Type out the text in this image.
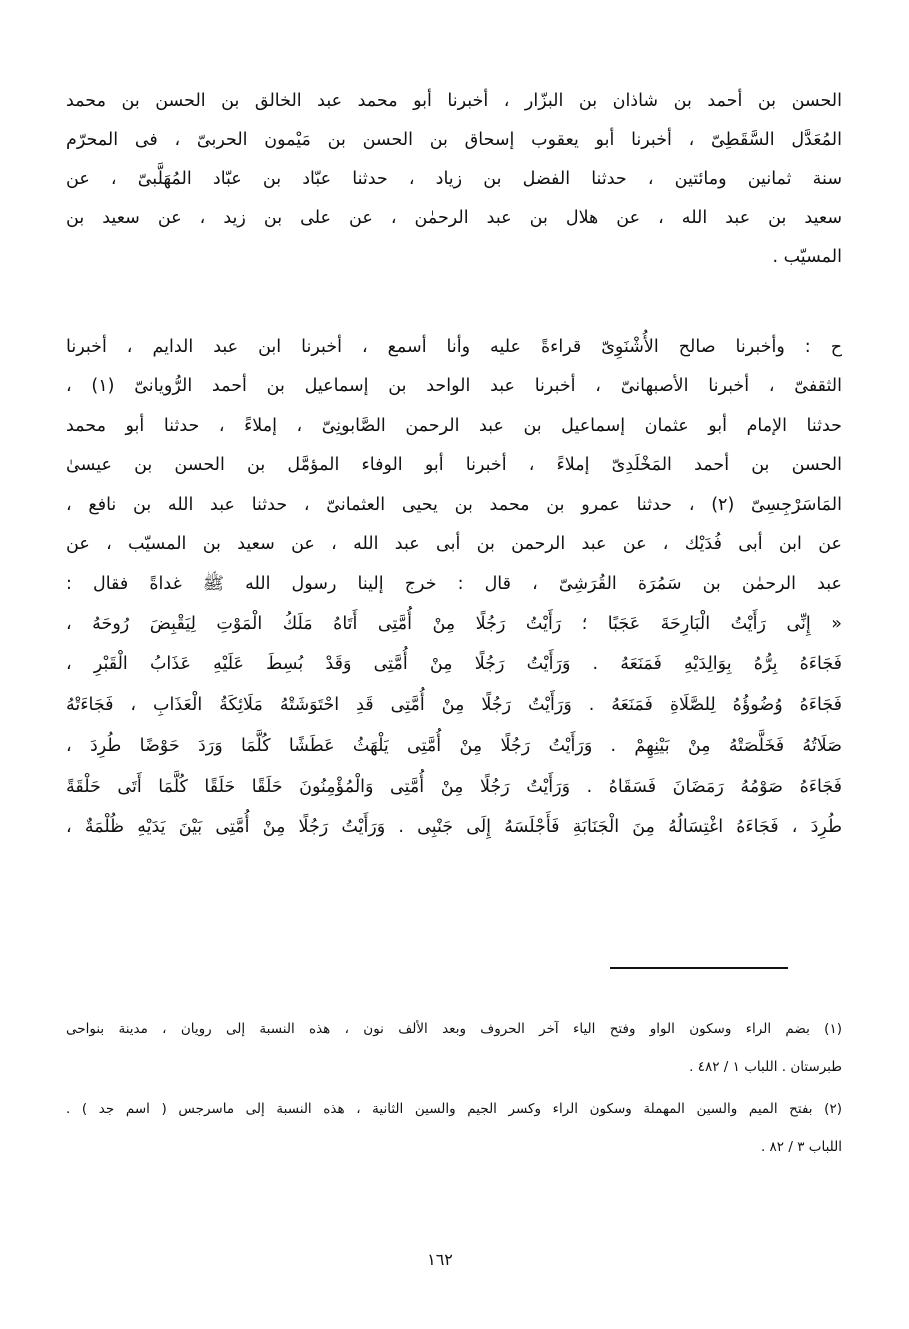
الحسن بن أحمد بن شاذان بن البزّار ، أخبرنا أبو محمد عبد الخالق بن الحسن بن محمد
المُعَدَّل السَّقَطِىّ ، أخبرنا أبو يعقوب إسحاق بن الحسن بن مَيْمون الحربىّ ، فى المحرّم
سنة ثمانين ومائتين ، حدثنا الفضل بن زياد ، حدثنا عبّاد بن عبّاد المُهَلَّبىّ ، عن
سعيد بن عبد الله ، عن هلال بن عبد الرحمٰن ، عن على بن زيد ، عن سعيد بن
المسيّب .
ح : وأخبرنا صالح الأُشْنَوِىّ قراءةً عليه وأنا أسمع ، أخبرنا ابن عبد الدايم ، أخبرنا
الثقفىّ ، أخبرنا الأصبهانىّ ، أخبرنا عبد الواحد بن إسماعيل بن أحمد الرُّويانىّ (١) ،
حدثنا الإمام أبو عثمان إسماعيل بن عبد الرحمن الصَّابونِىّ ، إملاءً ، حدثنا أبو محمد
الحسن بن أحمد المَخْلَدِىّ إملاءً ، أخبرنا أبو الوفاء المؤمَّل بن الحسن بن عيسىٰ
المَاسَرْجِسِىّ (٢) ، حدثنا عمرو بن محمد بن يحيى العثمانىّ ، حدثنا عبد الله بن نافع ،
عن ابن أبى فُدَيْك ، عن عبد الرحمن بن أبى عبد الله ، عن سعيد بن المسيّب ، عن
عبد الرحمٰن بن سَمُرَة القُرَشِىّ ، قال : خرج إلينا رسول الله ﷺ غداةً فقال :
« إِنِّى رَأَيْتُ الْبَارِحَةَ عَجَبًا ؛ رَأَيْتُ رَجُلًا مِنْ أُمَّتِى أَتَاهُ مَلَكُ الْمَوْتِ لِيَقْبِضَ رُوحَهُ ،
فَجَاءَهُ بِرُّهُ بِوَالِدَيْهِ فَمَنَعَهُ . وَرَأَيْتُ رَجُلًا مِنْ أُمَّتِى وَقَدْ بُسِطَ عَلَيْهِ عَذَابُ الْقَبْرِ ،
فَجَاءَهُ وُضُوؤُهُ لِلصَّلَاةِ فَمَنَعَهُ . وَرَأَيْتُ رَجُلًا مِنْ أُمَّتِى قَدِ احْتَوَشَتْهُ مَلَائِكَةُ الْعَذَابِ ، فَجَاءَتْهُ
صَلَاتُهُ فَخَلَّصَتْهُ مِنْ بَيْنِهِمْ . وَرَأَيْتُ رَجُلًا مِنْ أُمَّتِى يَلْهَثُ عَطَشًا كُلَّمَا وَرَدَ حَوْضًا طُرِدَ ،
فَجَاءَهُ صَوْمُهُ رَمَضَانَ فَسَقَاهُ . وَرَأَيْتُ رَجُلًا مِنْ أُمَّتِى وَالْمُؤْمِنُونَ حَلَقًا حَلَقًا كُلَّمَا أَتَى حَلْقَةً
طُرِدَ ، فَجَاءَهُ اغْتِسَالُهُ مِنَ الْجَنَابَةِ فَأَجْلَسَهُ إِلَى جَنْبِى . وَرَأَيْتُ رَجُلًا مِنْ أُمَّتِى بَيْنَ يَدَيْهِ ظُلْمَةٌ ،
(١) بضم الراء وسكون الواو وفتح الياء آخر الحروف وبعد الألف نون ، هذه النسبة إلى رويان ، مدينة بنواحى
طبرستان . اللباب ١ / ٤٨٢ .
(٢) بفتح الميم والسين المهملة وسكون الراء وكسر الجيم والسين الثانية ، هذه النسبة إلى ماسرجس ( اسم جد ) .
اللباب ٣ / ٨٢ .
١٦٢
